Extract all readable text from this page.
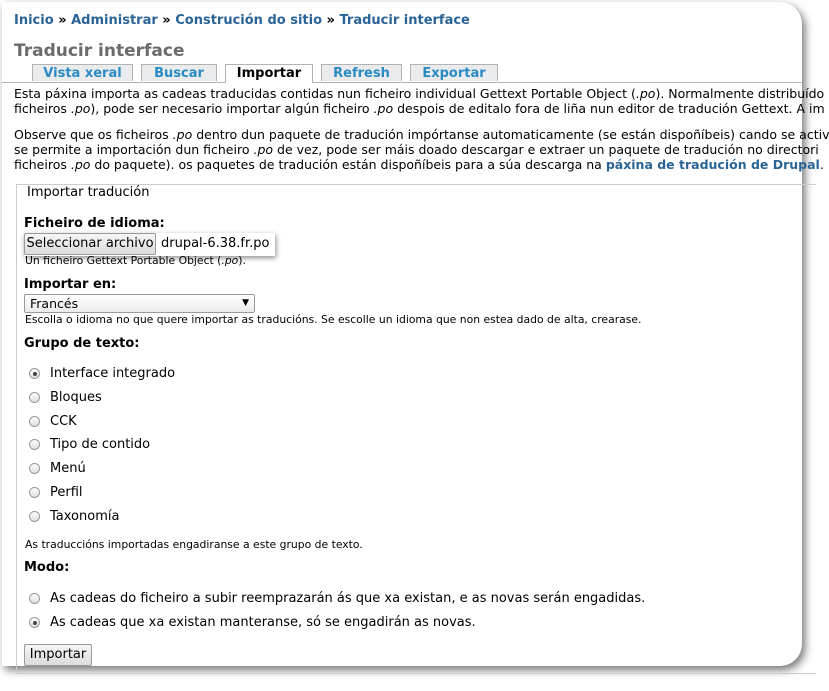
Inicio » Administrar » Construción do sitio » Traducir interface
Traducir interface
Vista xeral	Buscar	Importar	Refresh	Exportar
Esta páxina importa as cadeas traducidas contidas nun ficheiro individual Gettext Portable Object (.po). Normalmente distribuído
ficheiros .po), pode ser necesario importar algún ficheiro .po despois de editalo fora de liña nun editor de tradución Gettext. A im
Observe que os ficheiros .po dentro dun paquete de tradución impórtanse automaticamente (se están dispoñíbeis) cando se activ
se permite a importación dun ficheiro .po de vez, pode ser máis doado descargar e extraer un paquete de tradución no directori
ficheiros .po do paquete). os paquetes de tradución están dispoñíbeis para a súa descarga na páxina de tradución de Drupal.
Importar tradución
Ficheiro de idioma:
Seleccionar archivo drupal-6.38.fr.po
Un ficheiro Gettext Portable Object (.po).
Importar en:
Francés	▼
Escolla o idioma no que quere importar as traducións. Se escolle un idioma que non estea dado de alta, crearase.
Grupo de texto:
Interface integrado
Bloques
CCK
Tipo de contido
Menú
Perfil
Taxonomía
As traduccións importadas engadiranse a este grupo de texto.
Modo:
As cadeas do ficheiro a subir reemprazarán ás que xa existan, e as novas serán engadidas.
As cadeas que xa existan manteranse, só se engadirán as novas.
Importar
